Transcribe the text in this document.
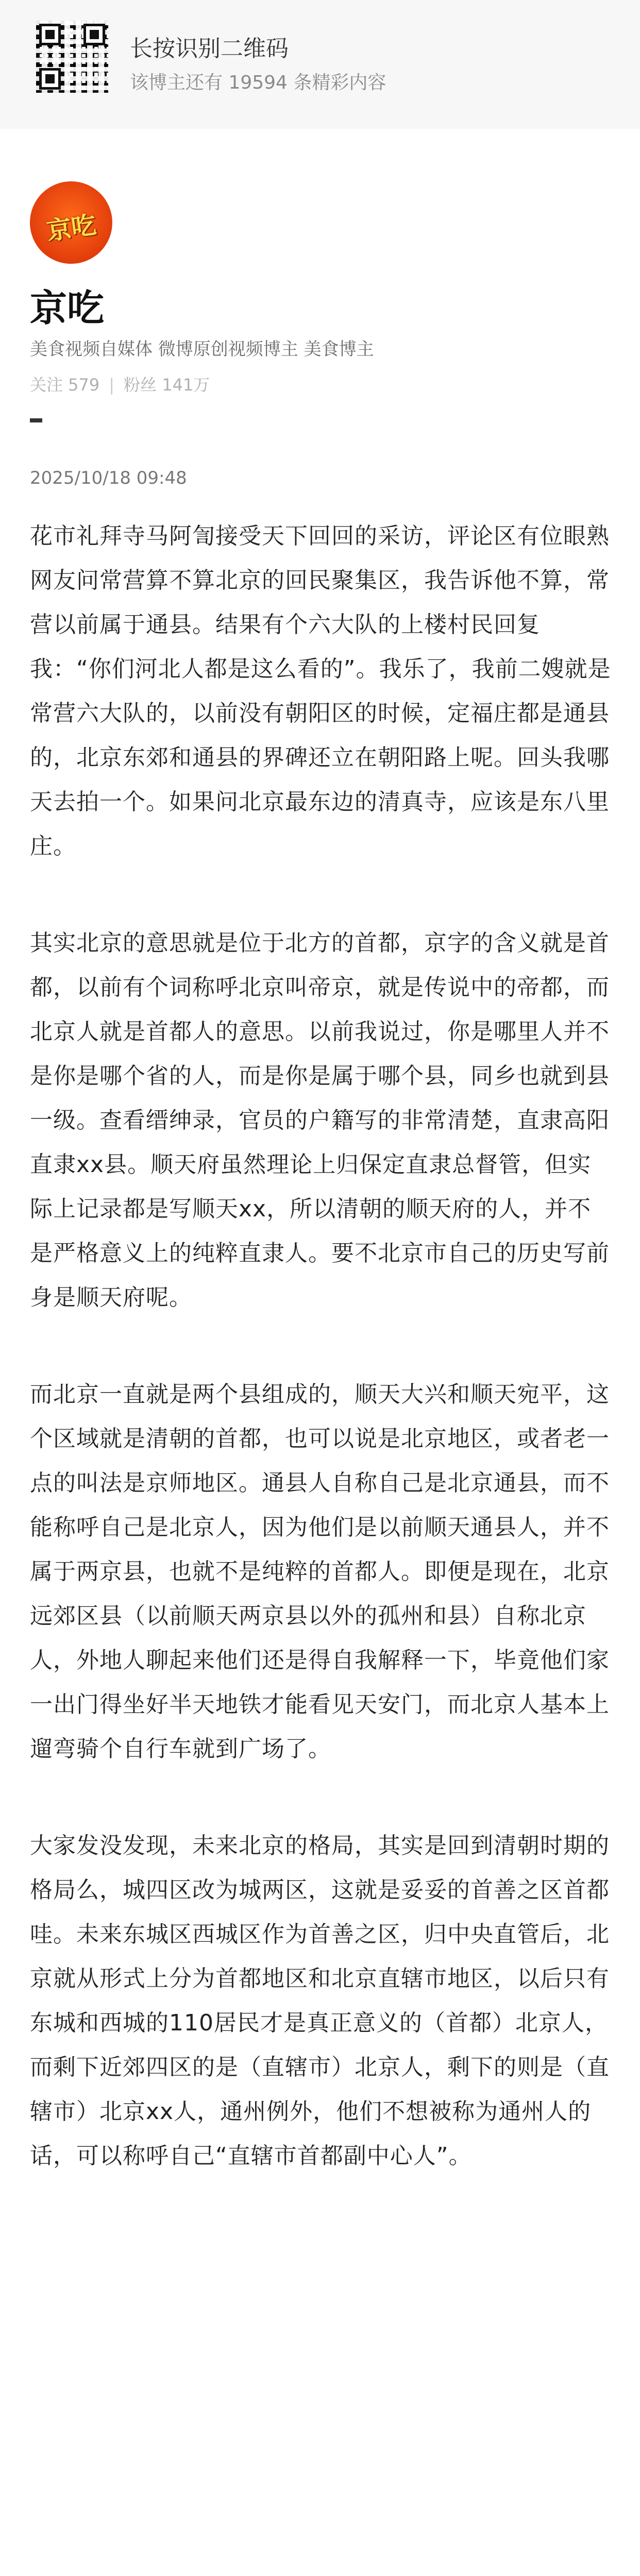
长按识别二维码
该博主还有 19594 条精彩内容
京吃
京吃
美食视频自媒体 微博原创视频博主 美食博主
关注 579 | 粉丝 141万
2025/10/18 09:48

花市礼拜寺马阿訇接受天下回回的采访，评论区有位眼熟网友问常营算不算北京的回民聚集区，我告诉他不算，常营以前属于通县。结果有个六大队的上楼村民回复我：“你们河北人都是这么看的”。我乐了，我前二嫂就是常营六大队的，以前没有朝阳区的时候，定福庄都是通县的，北京东郊和通县的界碑还立在朝阳路上呢。回头我哪天去拍一个。如果问北京最东边的清真寺，应该是东八里庄。

其实北京的意思就是位于北方的首都，京字的含义就是首都，以前有个词称呼北京叫帝京，就是传说中的帝都，而北京人就是首都人的意思。以前我说过，你是哪里人并不是你是哪个省的人，而是你是属于哪个县，同乡也就到县一级。查看缙绅录，官员的户籍写的非常清楚，直隶高阳直隶xx县。顺天府虽然理论上归保定直隶总督管，但实际上记录都是写顺天xx，所以清朝的顺天府的人，并不是严格意义上的纯粹直隶人。要不北京市自己的历史写前身是顺天府呢。

而北京一直就是两个县组成的，顺天大兴和顺天宛平，这个区域就是清朝的首都，也可以说是北京地区，或者老一点的叫法是京师地区。通县人自称自己是北京通县，而不能称呼自己是北京人，因为他们是以前顺天通县人，并不属于两京县，也就不是纯粹的首都人。即便是现在，北京远郊区县（以前顺天两京县以外的孤州和县）自称北京人，外地人聊起来他们还是得自我解释一下，毕竟他们家一出门得坐好半天地铁才能看见天安门，而北京人基本上遛弯骑个自行车就到广场了。

大家发没发现，未来北京的格局，其实是回到清朝时期的格局么，城四区改为城两区，这就是妥妥的首善之区首都哇。未来东城区西城区作为首善之区，归中央直管后，北京就从形式上分为首都地区和北京直辖市地区，以后只有东城和西城的110居民才是真正意义的（首都）北京人，而剩下近郊四区的是（直辖市）北京人，剩下的则是（直辖市）北京xx人，通州例外，他们不想被称为通州人的话，可以称呼自己“直辖市首都副中心人”。
